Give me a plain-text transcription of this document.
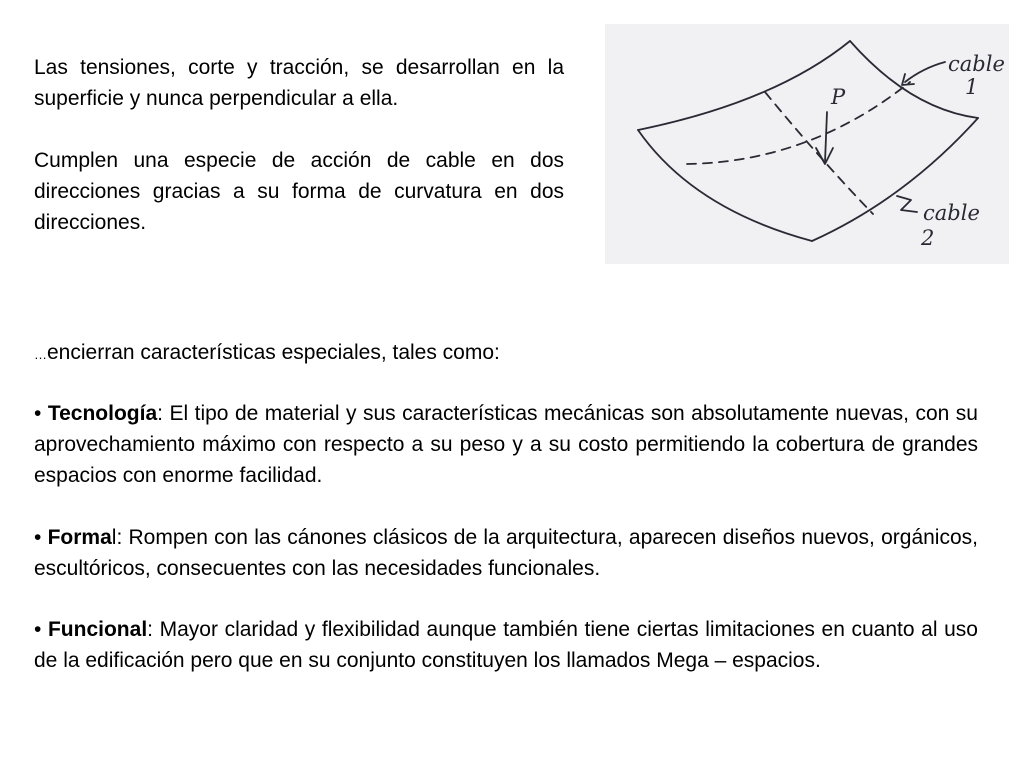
Las tensiones, corte y tracción, se desarrollan en la superficie y nunca perpendicular a ella.

Cumplen una especie de acción de cable en dos direcciones gracias a su forma de curvatura en dos direcciones.

P
cable
1
cable
2

…encierran características especiales, tales como:

• Tecnología: El tipo de material y sus características mecánicas son absolutamente nuevas, con su aprovechamiento máximo con respecto a su peso y a su costo permitiendo la cobertura de grandes espacios con enorme facilidad.

• Formal: Rompen con las cánones clásicos de la arquitectura, aparecen diseños nuevos, orgánicos, escultóricos, consecuentes con las necesidades funcionales.

• Funcional: Mayor claridad y flexibilidad aunque también tiene ciertas limitaciones en cuanto al uso de la edificación pero que en su conjunto constituyen los llamados Mega – espacios.
